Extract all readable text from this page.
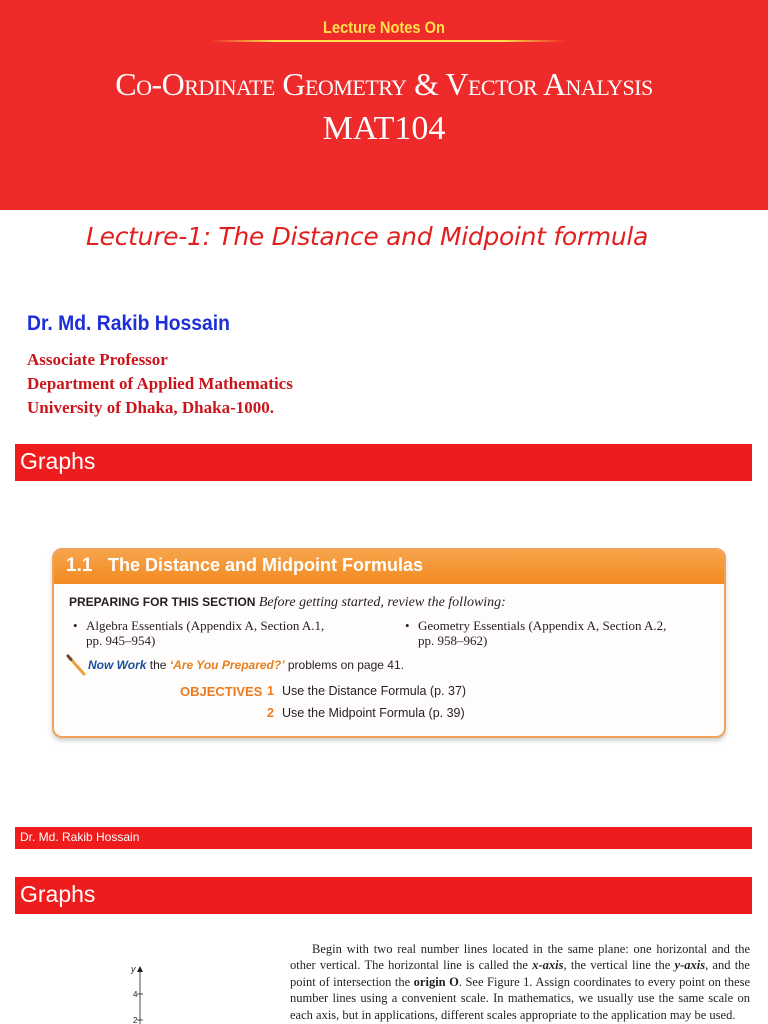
Lecture Notes On
Co-Ordinate Geometry & Vector Analysis
MAT104
Lecture-1: The Distance and Midpoint formula
Dr. Md. Rakib Hossain
Associate Professor
Department of Applied Mathematics
University of Dhaka, Dhaka-1000.
Graphs
1.1 The Distance and Midpoint Formulas
PREPARING FOR THIS SECTION Before getting started, review the following:
• Algebra Essentials (Appendix A, Section A.1,
pp. 945–954)
• Geometry Essentials (Appendix A, Section A.2,
pp. 958–962)
Now Work the ‘Are You Prepared?’ problems on page 41.
OBJECTIVES 1 Use the Distance Formula (p. 37)
2 Use the Midpoint Formula (p. 39)
Dr. Md. Rakib Hossain
Graphs
y
4
2

Begin with two real number lines located in the same plane: one horizontal and the other vertical. The horizontal line is called the x-axis, the vertical line the y-axis, and the point of intersection the origin O. See Figure 1. Assign coordinates to every point on these number lines using a convenient scale. In mathematics, we usually use the same scale on each axis, but in applications, different scales appropriate to the application may be used.
